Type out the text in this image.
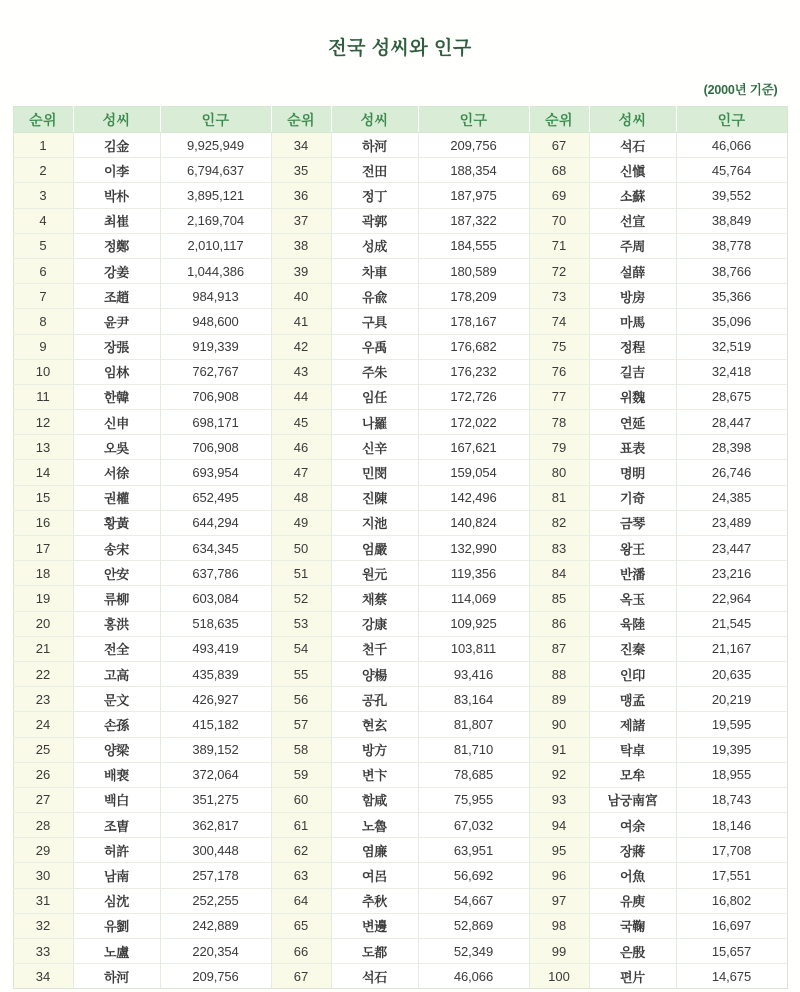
전국 성씨와 인구
(2000년 기준)
순위	성씨	인구	순위	성씨	인구	순위	성씨	인구
1	김金	9,925,949	34	하河	209,756	67	석石	46,066
2	이李	6,794,637	35	전田	188,354	68	신愼	45,764
3	박朴	3,895,121	36	정丁	187,975	69	소蘇	39,552
4	최崔	2,169,704	37	곽郭	187,322	70	선宣	38,849
5	정鄭	2,010,117	38	성成	184,555	71	주周	38,778
6	강姜	1,044,386	39	차車	180,589	72	설薛	38,766
7	조趙	984,913	40	유兪	178,209	73	방房	35,366
8	윤尹	948,600	41	구具	178,167	74	마馬	35,096
9	장張	919,339	42	우禹	176,682	75	정程	32,519
10	임林	762,767	43	주朱	176,232	76	길吉	32,418
11	한韓	706,908	44	임任	172,726	77	위魏	28,675
12	신申	698,171	45	나羅	172,022	78	연延	28,447
13	오吳	706,908	46	신辛	167,621	79	표表	28,398
14	서徐	693,954	47	민閔	159,054	80	명明	26,746
15	권權	652,495	48	진陳	142,496	81	기奇	24,385
16	황黃	644,294	49	지池	140,824	82	금琴	23,489
17	송宋	634,345	50	엄嚴	132,990	83	왕王	23,447
18	안安	637,786	51	원元	119,356	84	반潘	23,216
19	류柳	603,084	52	채蔡	114,069	85	옥玉	22,964
20	홍洪	518,635	53	강康	109,925	86	육陸	21,545
21	전全	493,419	54	천千	103,811	87	진秦	21,167
22	고高	435,839	55	양楊	93,416	88	인印	20,635
23	문文	426,927	56	공孔	83,164	89	맹孟	20,219
24	손孫	415,182	57	현玄	81,807	90	제諸	19,595
25	양梁	389,152	58	방方	81,710	91	탁卓	19,395
26	배裵	372,064	59	변卞	78,685	92	모牟	18,955
27	백白	351,275	60	함咸	75,955	93	남궁南宮	18,743
28	조曺	362,817	61	노魯	67,032	94	여余	18,146
29	허許	300,448	62	염廉	63,951	95	장蔣	17,708
30	남南	257,178	63	여呂	56,692	96	어魚	17,551
31	심沈	252,255	64	추秋	54,667	97	유庾	16,802
32	유劉	242,889	65	변邊	52,869	98	국鞠	16,697
33	노盧	220,354	66	도都	52,349	99	은殷	15,657
34	하河	209,756	67	석石	46,066	100	편片	14,675
